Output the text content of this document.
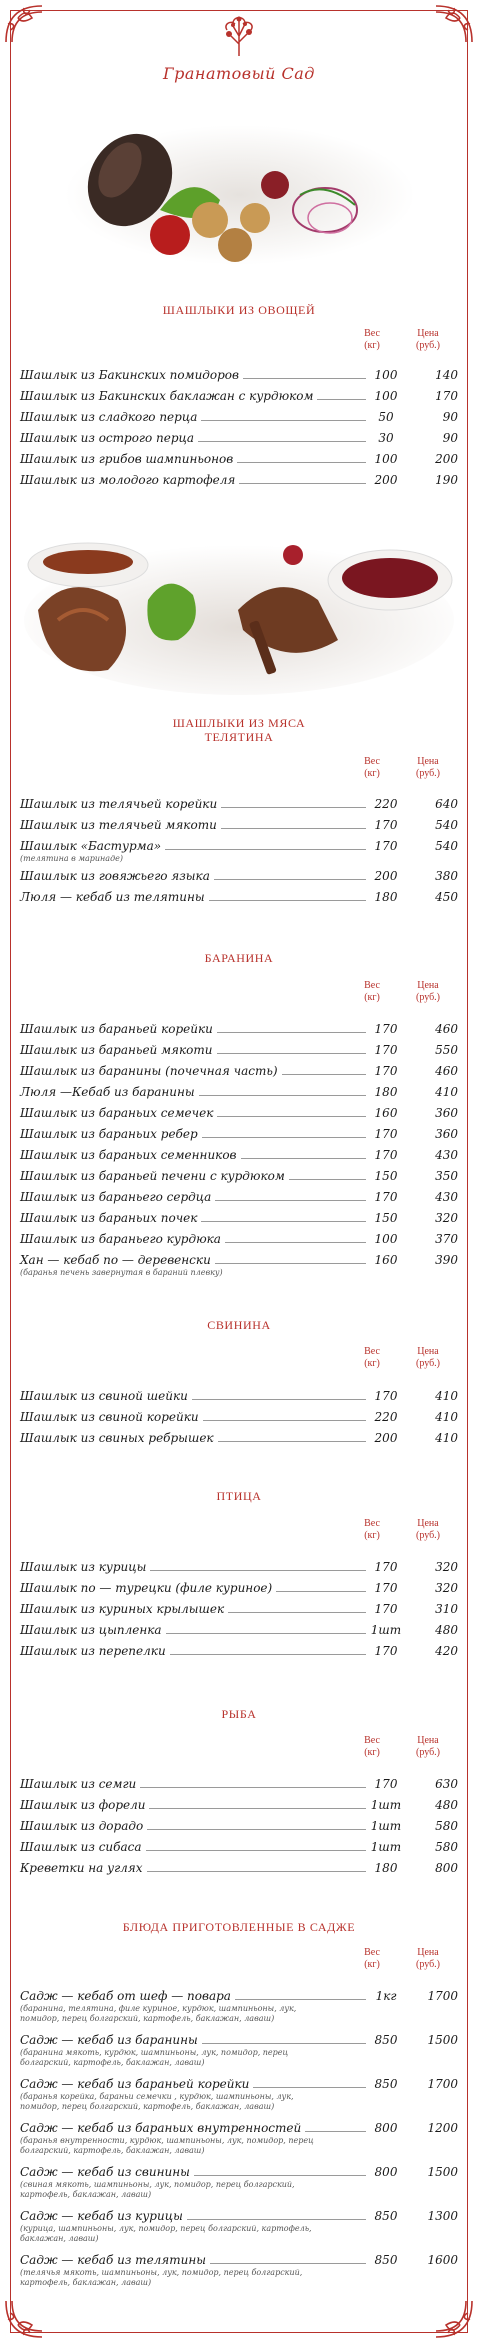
Гранатовый Сад
ШАШЛЫКИ ИЗ ОВОЩЕЙ
Вес
(кг)
Цена
(руб.)
Шашлык из Бакинских помидоров	100	140
Шашлык из Бакинских баклажан с курдюком	100	170
Шашлык из сладкого перца	50	90
Шашлык из острого перца	30	90
Шашлык из грибов шампиньонов	100	200
Шашлык из молодого картофеля	200	190
ШАШЛЫКИ ИЗ МЯСА
ТЕЛЯТИНА
Вес
(кг)
Цена
(руб.)
Шашлык из телячьей корейки	220	640
Шашлык из телячьей мякоти	170	540
Шашлык «Бастурма»	170	540
(телятина в маринаде)
Шашлык из говяжьего языка	200	380
Люля — кебаб из телятины	180	450
БАРАНИНА
Вес
(кг)
Цена
(руб.)
Шашлык из бараньей корейки	170	460
Шашлык из бараньей мякоти	170	550
Шашлык из баранины (почечная часть)	170	460
Люля —Кебаб из баранины	180	410
Шашлык из бараньих семечек	160	360
Шашлык из бараньих ребер	170	360
Шашлык из бараньих семенников	170	430
Шашлык из бараньей печени с курдюком	150	350
Шашлык из бараньего сердца	170	430
Шашлык из бараньих почек	150	320
Шашлык из бараньего курдюка	100	370
Хан — кебаб по — деревенски	160	390
(баранья печень завернутая в бараний плевку)
СВИНИНА
Вес
(кг)
Цена
(руб.)
Шашлык из свиной шейки	170	410
Шашлык из свиной корейки	220	410
Шашлык из свиных ребрышек	200	410
ПТИЦА
Вес
(кг)
Цена
(руб.)
Шашлык из курицы	170	320
Шашлык по — турецки (филе куриное)	170	320
Шашлык из куриных крылышек	170	310
Шашлык из цыпленка	1шт	480
Шашлык из перепелки	170	420
РЫБА
Вес
(кг)
Цена
(руб.)
Шашлык из семги	170	630
Шашлык из форели	1шт	480
Шашлык из дорадо	1шт	580
Шашлык из сибаса	1шт	580
Креветки на углях	180	800
БЛЮДА ПРИГОТОВЛЕННЫЕ В САДЖЕ
Вес
(кг)
Цена
(руб.)
Садж — кебаб от шеф — повара	1кг	1700
(баранина, телятина, филе куриное, курдюк, шампиньоны, лук, помидор, перец болгарский, картофель, баклажан, лаваш)
Садж — кебаб из баранины	850	1500
(баранина мякоть, курдюк, шампиньоны, лук, помидор, перец болгарский, картофель, баклажан, лаваш)
Садж — кебаб из бараньей корейки	850	1700
(баранья корейка, бараньи семечки , курдюк, шампиньоны, лук, помидор, перец болгарский, картофель, баклажан, лаваш)
Садж — кебаб из бараньих внутренностей	800	1200
(баранья внутренности, курдюк, шампиньоны, лук, помидор, перец болгарский, картофель, баклажан, лаваш)
Садж — кебаб из свинины	800	1500
(свиная мякоть, шампиньоны, лук, помидор, перец болгарский, картофель, баклажан, лаваш)
Садж — кебаб из курицы	850	1300
(курица, шампиньоны, лук, помидор, перец болгарский, картофель, баклажан, лаваш)
Садж — кебаб из телятины	850	1600
(телячья мякоть, шампиньоны, лук, помидор, перец болгарский, картофель, баклажан, лаваш)
